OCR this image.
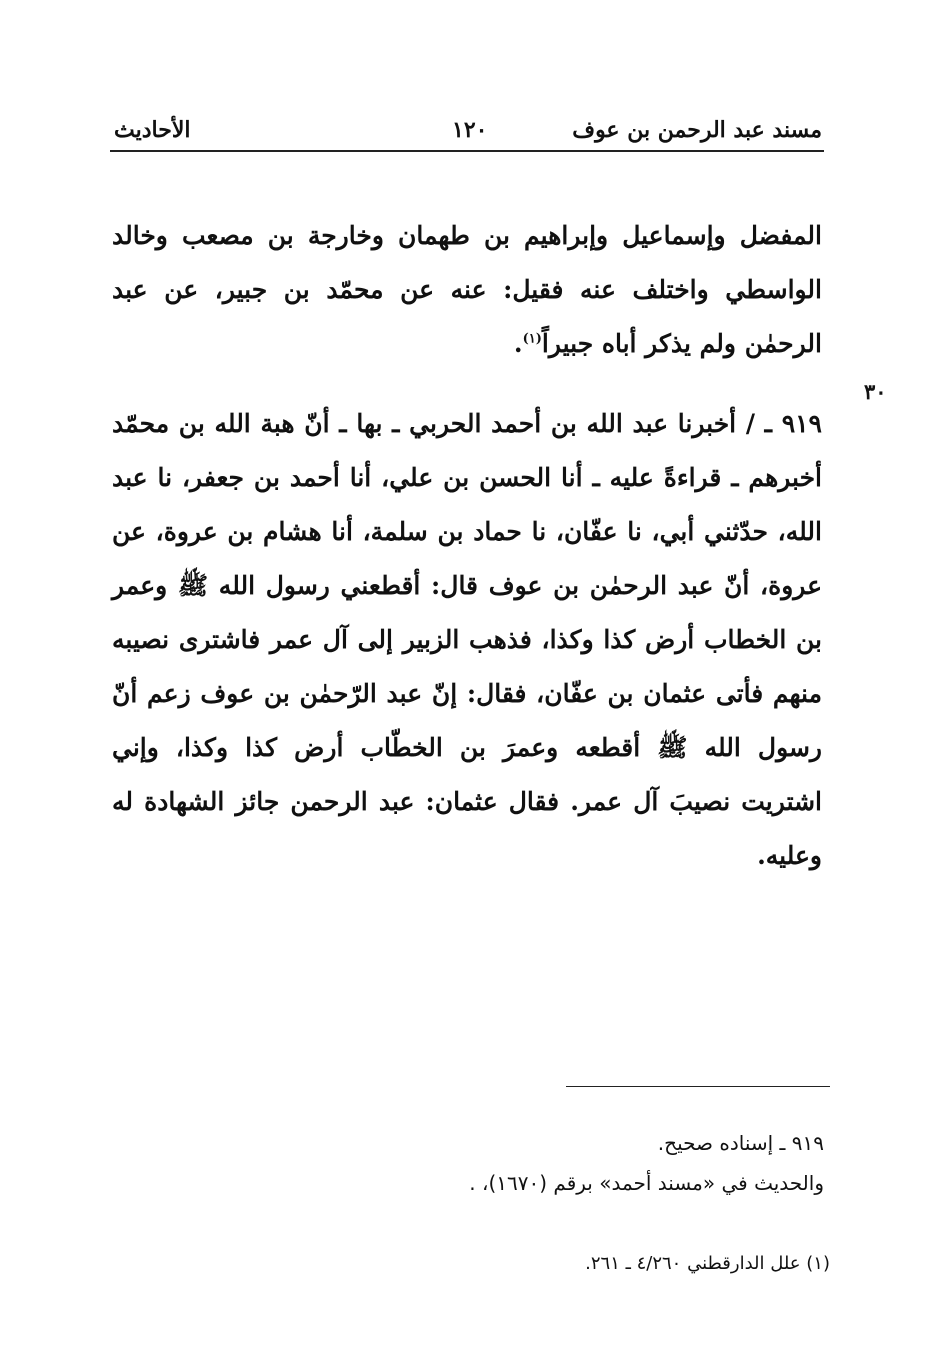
مسند عبد الرحمن بن عوف
١٢٠
الأحاديث

المفضل وإسماعيل وإبراهيم بن طهمان وخارجة بن مصعب وخالد الواسطي واختلف عنه فقيل: عنه عن محمّد بن جبير، عن عبد الرحمٰن ولم يذكر أباه جبيراً$^{(١)}$.

٣٠

٩١٩ ـ / أخبرنا عبد الله بن أحمد الحربي ـ بها ـ أنّ هبة الله بن محمّد أخبرهم ـ قراءةً عليه ـ أنا الحسن بن علي، أنا أحمد بن جعفر، نا عبد الله، حدّثني أبي، نا عفّان، نا حماد بن سلمة، أنا هشام بن عروة، عن عروة، أنّ عبد الرحمٰن بن عوف قال: أقطعني رسول الله ﷺ وعمر بن الخطاب أرض كذا وكذا، فذهب الزبير إلى آل عمر فاشترى نصيبه منهم فأتى عثمان بن عفّان، فقال: إنّ عبد الرّحمٰن بن عوف زعم أنّ رسول الله ﷺ أقطعه وعمرَ بن الخطّاب أرض كذا وكذا، وإني اشتريت نصيبَ آل عمر. فقال عثمان: عبد الرحمن جائز الشهادة له وعليه.

٩١٩ ـ إسناده صحيح.
والحديث في «مسند أحمد» برقم (١٦٧٠)، .
(١) علل الدارقطني ٤/٢٦٠ ـ ٢٦١.
